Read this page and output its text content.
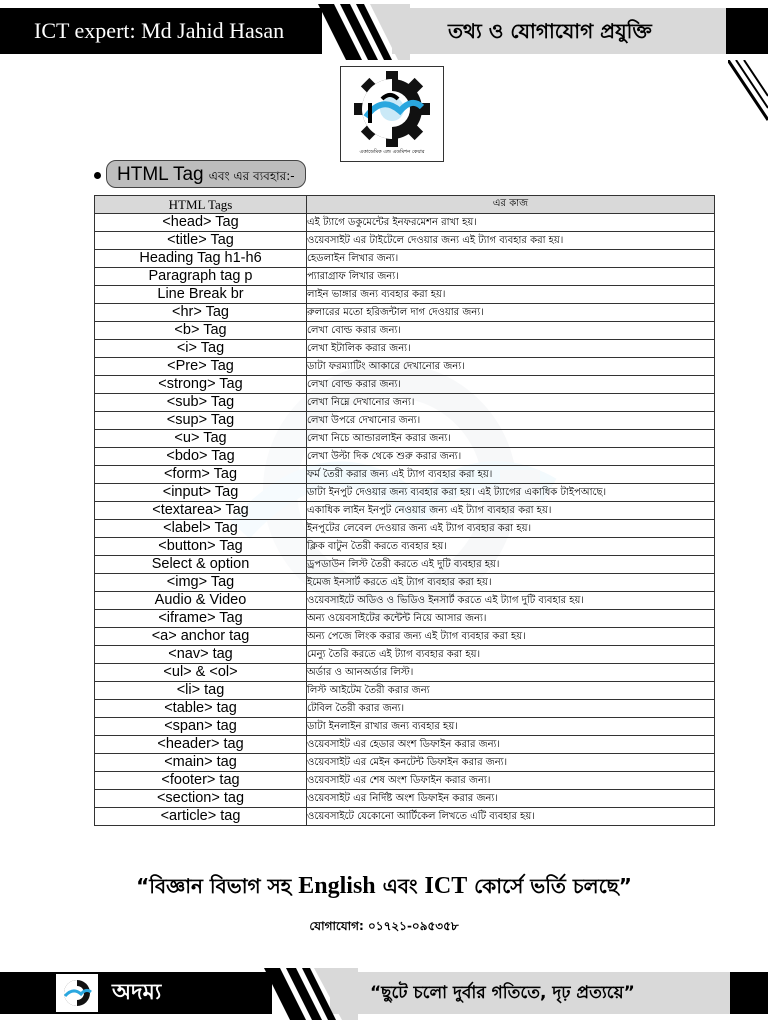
ICT expert: Md Jahid Hasan	তথ্য ও যোগাযোগ প্রযুক্তি
একাডেমিক এন্ড এডমিশন কেয়ার
HTML Tag এবং এর ব্যবহার:-
HTML Tags	এর কাজ
<head> Tag	এই ট্যাগে ডকুমেন্টের ইনফরমেশন রাখা হয়।
<title> Tag	ওয়েবসাইট এর টাইটেলে দেওয়ার জন্য এই ট্যাগ ব্যবহার করা হয়।
Heading Tag h1-h6	হেডলাইন লিখার জন্য।
Paragraph tag p	প্যারাগ্রাফ লিখার জন্য।
Line Break br	লাইন ভাঙ্গার জন্য ব্যবহার করা হয়।
<hr> Tag	রুলারের মতো হরিজন্টাল দাগ দেওয়ার জন্য।
<b> Tag	লেখা বোল্ড করার জন্য।
<i> Tag	লেখা ইটালিক করার জন্য।
<Pre> Tag	ডাটা ফরম্যাটিং আকারে দেখানোর জন্য।
<strong> Tag	লেখা বোল্ড করার জন্য।
<sub> Tag	লেখা নিম্নে দেখানোর জন্য।
<sup> Tag	লেখা উপরে দেখানোর জন্য।
<u> Tag	লেখা নিচে আন্ডারলাইন করার জন্য।
<bdo> Tag	লেখা উল্টা দিক থেকে শুরু করার জন্য।
<form> Tag	ফর্ম তৈরী করার জন্য এই ট্যাগ ব্যবহার করা হয়।
<input> Tag	ডাটা ইনপুট দেওয়ার জন্য ব্যবহার করা হয়। এই ট্যাগের একাধিক টাইপআছে।
<textarea> Tag	একাধিক লাইন ইনপুট নেওয়ার জন্য এই ট্যাগ ব্যবহার করা হয়।
<label> Tag	ইনপুটের লেবেল দেওয়ার জন্য এই ট্যাগ ব্যবহার করা হয়।
<button> Tag	ক্লিক বাটুন তৈরী করতে ব্যবহার হয়।
Select & option	ড্রপডাউন লিস্ট তৈরী করতে এই দুটি ব্যবহার হয়।
<img> Tag	ইমেজ ইনসার্ট করতে এই ট্যাগ ব্যবহার করা হয়।
Audio & Video	ওয়েবসাইটে অডিও ও ভিডিও ইনসার্ট করতে এই ট্যাগ দুটি ব্যবহার হয়।
<iframe> Tag	অন্য ওয়েবসাইটের কন্টেন্ট নিয়ে আসার জন্য।
<a> anchor tag	অন্য পেজে লিংক করার জন্য এই ট্যাগ ব্যবহার করা হয়।
<nav> tag	মেন্যু তৈরি করতে এই ট্যাগ ব্যবহার করা হয়।
<ul> & <ol>	অর্ডার ও আনঅর্ডার লিস্ট।
<li> tag	লিস্ট আইটেম তৈরী করার জন্য
<table> tag	টেবিল তৈরী করার জন্য।
<span> tag	ডাটা ইনলাইন রাখার জন্য ব্যবহার হয়।
<header> tag	ওয়েবসাইট এর হেডার অংশ ডিফাইন করার জন্য।
<main> tag	ওয়েবসাইট এর মেইন কনটেন্ট ডিফাইন করার জন্য।
<footer> tag	ওয়েবসাইট এর শেষ অংশ ডিফাইন করার জন্য।
<section> tag	ওয়েবসাইট এর নির্দিষ্ট অংশ ডিফাইন করার জন্য।
<article> tag	ওয়েবসাইটে যেকোনো আর্টিকেল লিখতে এটি ব্যবহার হয়।
“বিজ্ঞান বিভাগ সহ English এবং ICT কোর্সে ভর্তি চলছে”
যোগাযোগ: ০১৭২১-০৯৫৩৫৮
অদম্য	“ছুটে চলো দুর্বার গতিতে, দৃঢ় প্রত্যয়ে”
